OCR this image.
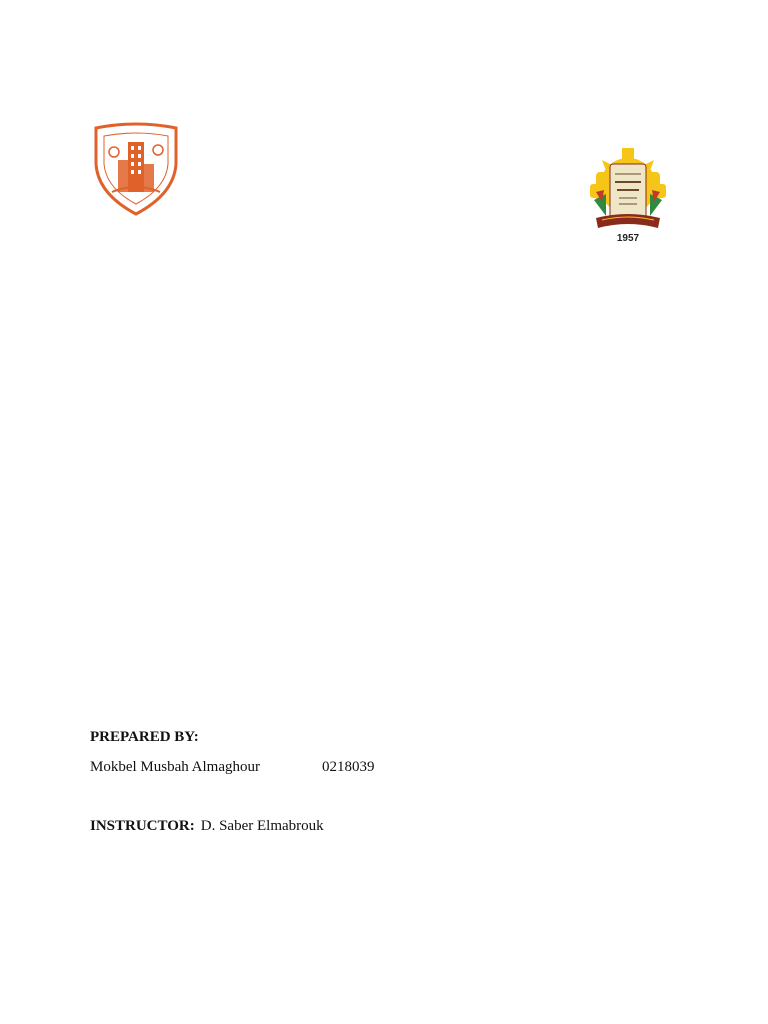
1957
PREPARED BY:
Mokbel Musbah Almaghour	0218039
INSTRUCTOR: D. Saber Elmabrouk
